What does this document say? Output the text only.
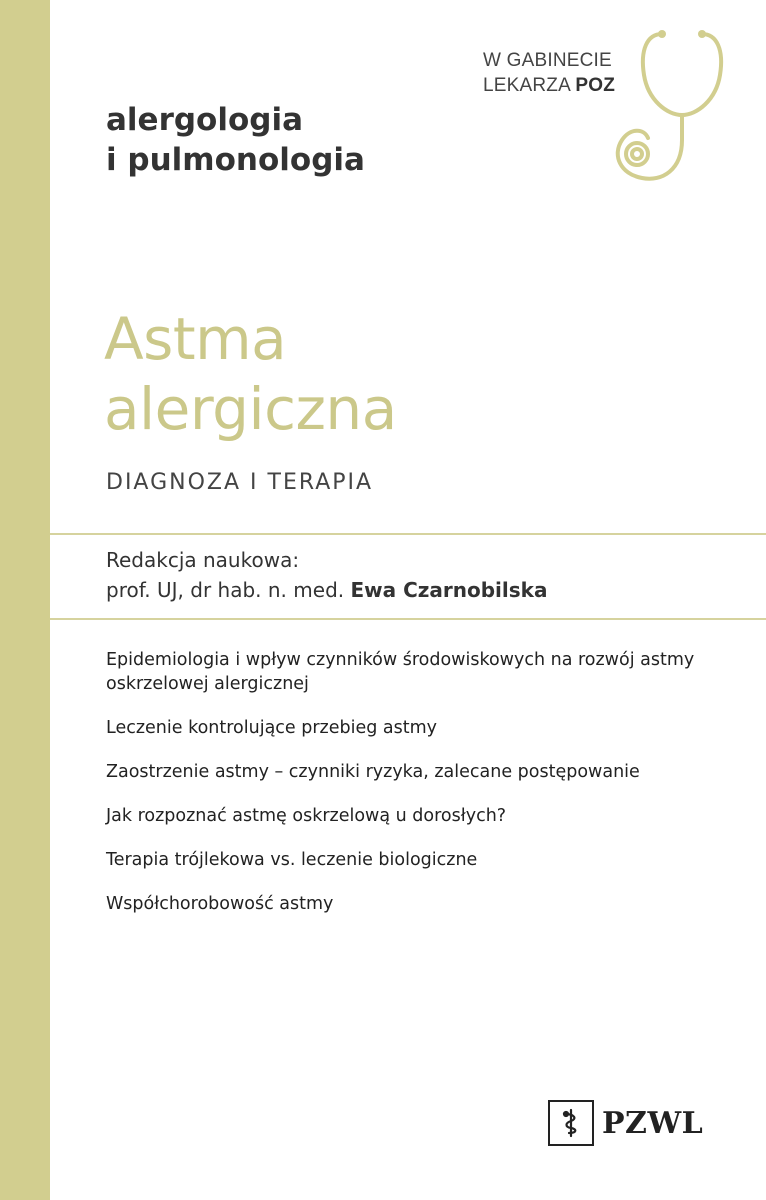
W GABINECIE
LEKARZA POZ
alergologia
i pulmonologia
Astma
alergiczna
DIAGNOZA I TERAPIA
Redakcja naukowa:
prof. UJ, dr hab. n. med. Ewa Czarnobilska
Epidemiologia i wpływ czynników środowiskowych na rozwój astmy oskrzelowej alergicznej
Leczenie kontrolujące przebieg astmy
Zaostrzenie astmy – czynniki ryzyka, zalecane postępowanie
Jak rozpoznać astmę oskrzelową u dorosłych?
Terapia trójlekowa vs. leczenie biologiczne
Współchorobowość astmy
PZWL
